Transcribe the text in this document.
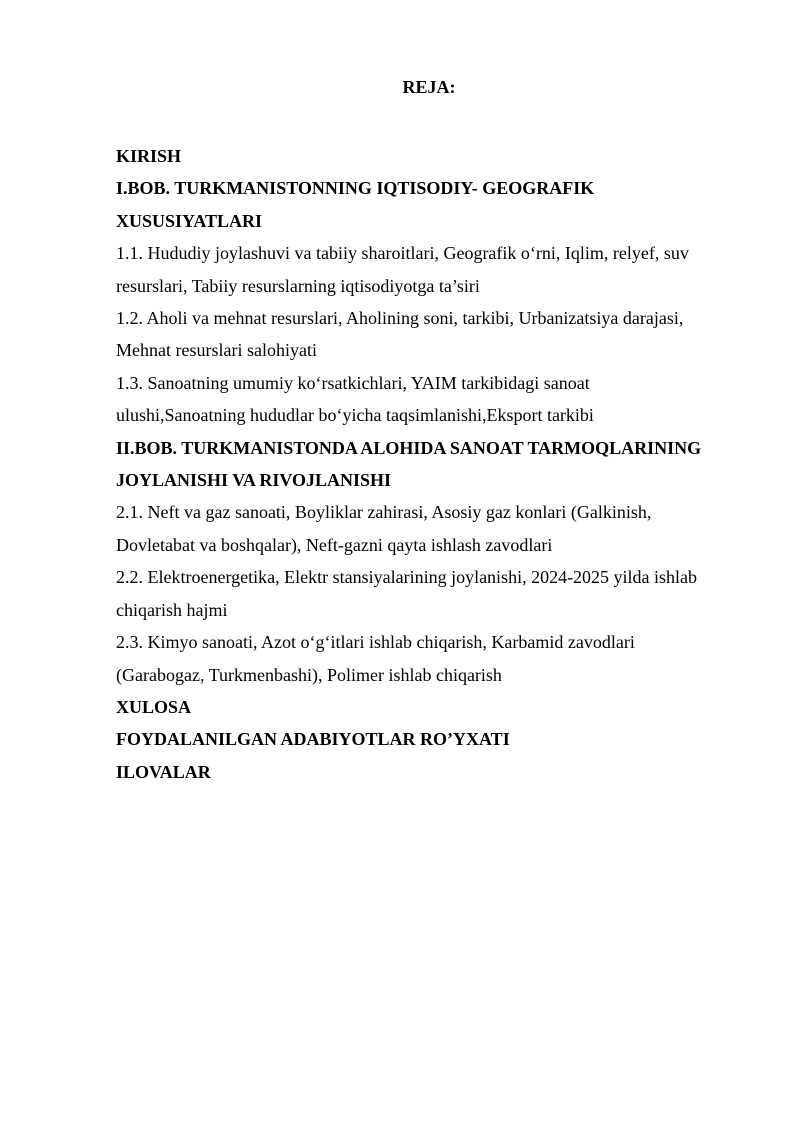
REJA:
KIRISH
I.BOB. TURKMANISTONNING IQTISODIY- GEOGRAFIK
XUSUSIYATLARI
1.1. Hududiy joylashuvi va tabiiy sharoitlari, Geografik o‘rni, Iqlim, relyef, suv
resurslari, Tabiiy resurslarning iqtisodiyotga ta’siri
1.2. Aholi va mehnat resurslari, Aholining soni, tarkibi, Urbanizatsiya darajasi,
Mehnat resurslari salohiyati
1.3. Sanoatning umumiy ko‘rsatkichlari, YAIM tarkibidagi sanoat
ulushi,Sanoatning hududlar bo‘yicha taqsimlanishi,Eksport tarkibi
II.BOB. TURKMANISTONDA ALOHIDA SANOAT TARMOQLARINING
JOYLANISHI VA RIVOJLANISHI
2.1. Neft va gaz sanoati, Boyliklar zahirasi, Asosiy gaz konlari (Galkinish,
Dovletabat va boshqalar), Neft-gazni qayta ishlash zavodlari
2.2. Elektroenergetika, Elektr stansiyalarining joylanishi, 2024-2025 yilda ishlab
chiqarish hajmi
2.3. Kimyo sanoati, Azot o‘g‘itlari ishlab chiqarish, Karbamid zavodlari
(Garabogaz, Turkmenbashi), Polimer ishlab chiqarish
XULOSA
FOYDALANILGAN ADABIYOTLAR RO’YXATI
ILOVALAR
